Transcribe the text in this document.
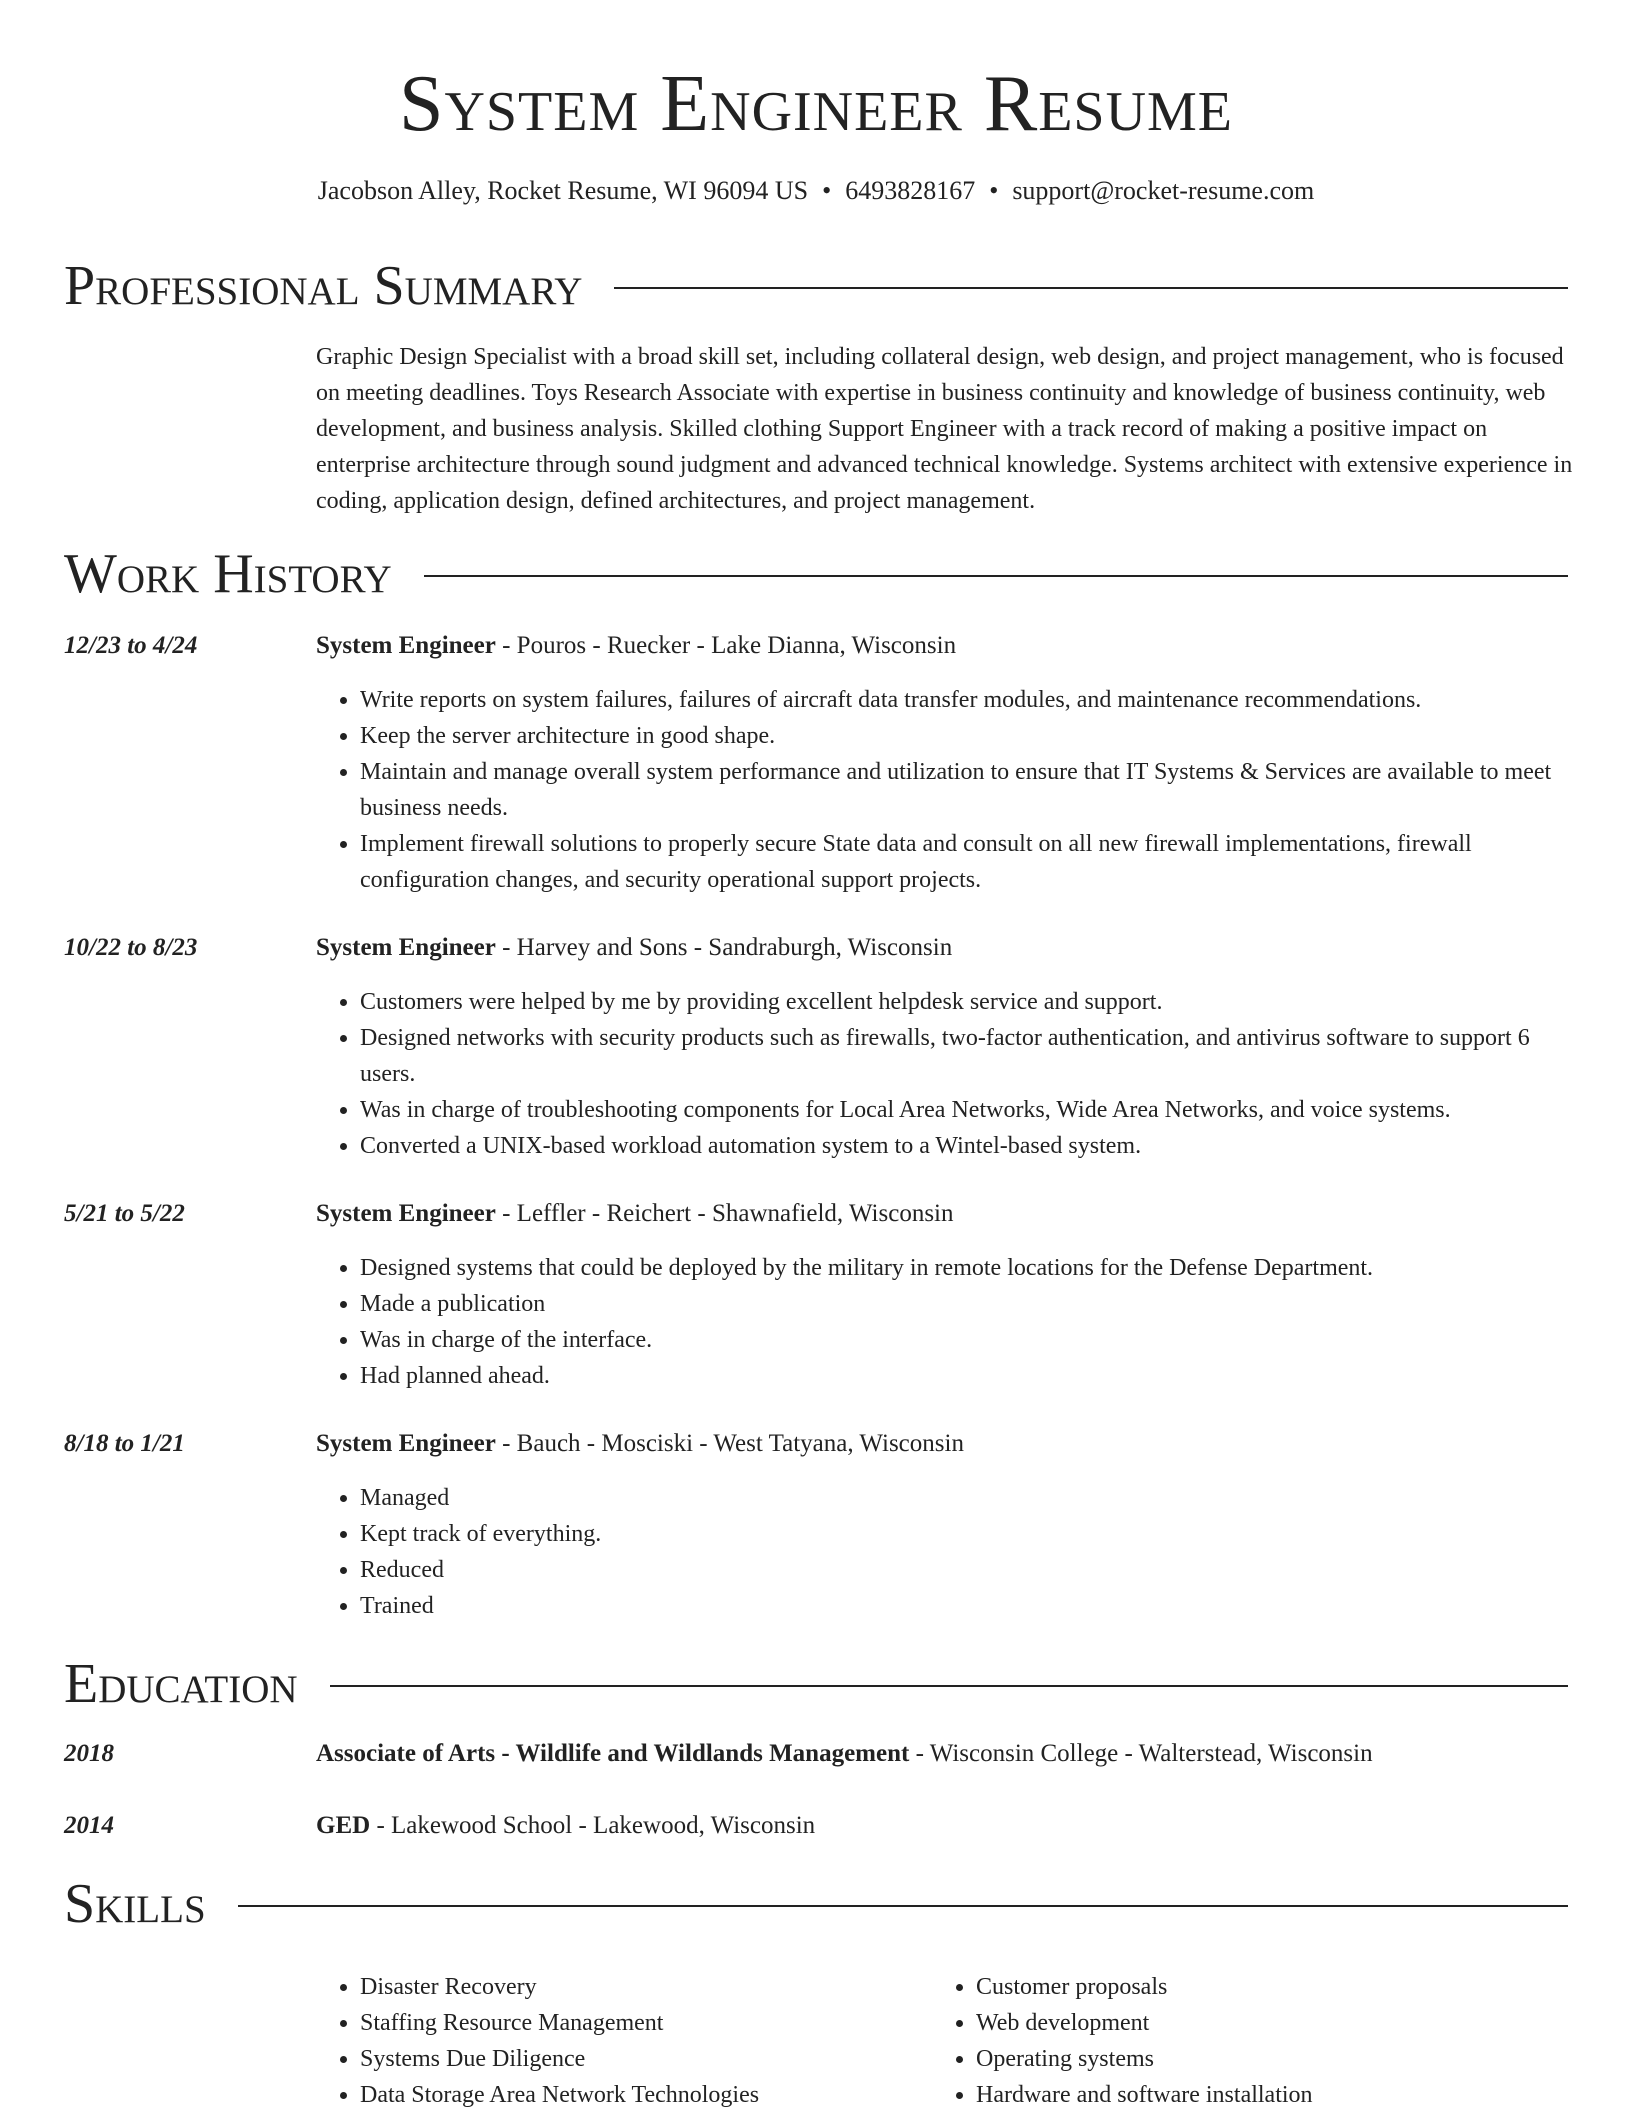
System Engineer Resume
Jacobson Alley, Rocket Resume, WI 96094 US • 6493828167 • support@rocket-resume.com
Professional Summary
Graphic Design Specialist with a broad skill set, including collateral design, web design, and project management, who is focused on meeting deadlines. Toys Research Associate with expertise in business continuity and knowledge of business continuity, web development, and business analysis. Skilled clothing Support Engineer with a track record of making a positive impact on enterprise architecture through sound judgment and advanced technical knowledge. Systems architect with extensive experience in coding, application design, defined architectures, and project management.
Work History
12/23 to 4/24	System Engineer - Pouros - Ruecker - Lake Dianna, Wisconsin
• Write reports on system failures, failures of aircraft data transfer modules, and maintenance recommendations.
• Keep the server architecture in good shape.
• Maintain and manage overall system performance and utilization to ensure that IT Systems & Services are available to meet business needs.
• Implement firewall solutions to properly secure State data and consult on all new firewall implementations, firewall configuration changes, and security operational support projects.
10/22 to 8/23	System Engineer - Harvey and Sons - Sandraburgh, Wisconsin
• Customers were helped by me by providing excellent helpdesk service and support.
• Designed networks with security products such as firewalls, two-factor authentication, and antivirus software to support 6 users.
• Was in charge of troubleshooting components for Local Area Networks, Wide Area Networks, and voice systems.
• Converted a UNIX-based workload automation system to a Wintel-based system.
5/21 to 5/22	System Engineer - Leffler - Reichert - Shawnafield, Wisconsin
• Designed systems that could be deployed by the military in remote locations for the Defense Department.
• Made a publication
• Was in charge of the interface.
• Had planned ahead.
8/18 to 1/21	System Engineer - Bauch - Mosciski - West Tatyana, Wisconsin
• Managed
• Kept track of everything.
• Reduced
• Trained
Education
2018	Associate of Arts - Wildlife and Wildlands Management - Wisconsin College - Walterstead, Wisconsin
2014	GED - Lakewood School - Lakewood, Wisconsin
Skills
• Disaster Recovery
• Staffing Resource Management
• Systems Due Diligence
• Data Storage Area Network Technologies
• Customer proposals
• Web development
• Operating systems
• Hardware and software installation
